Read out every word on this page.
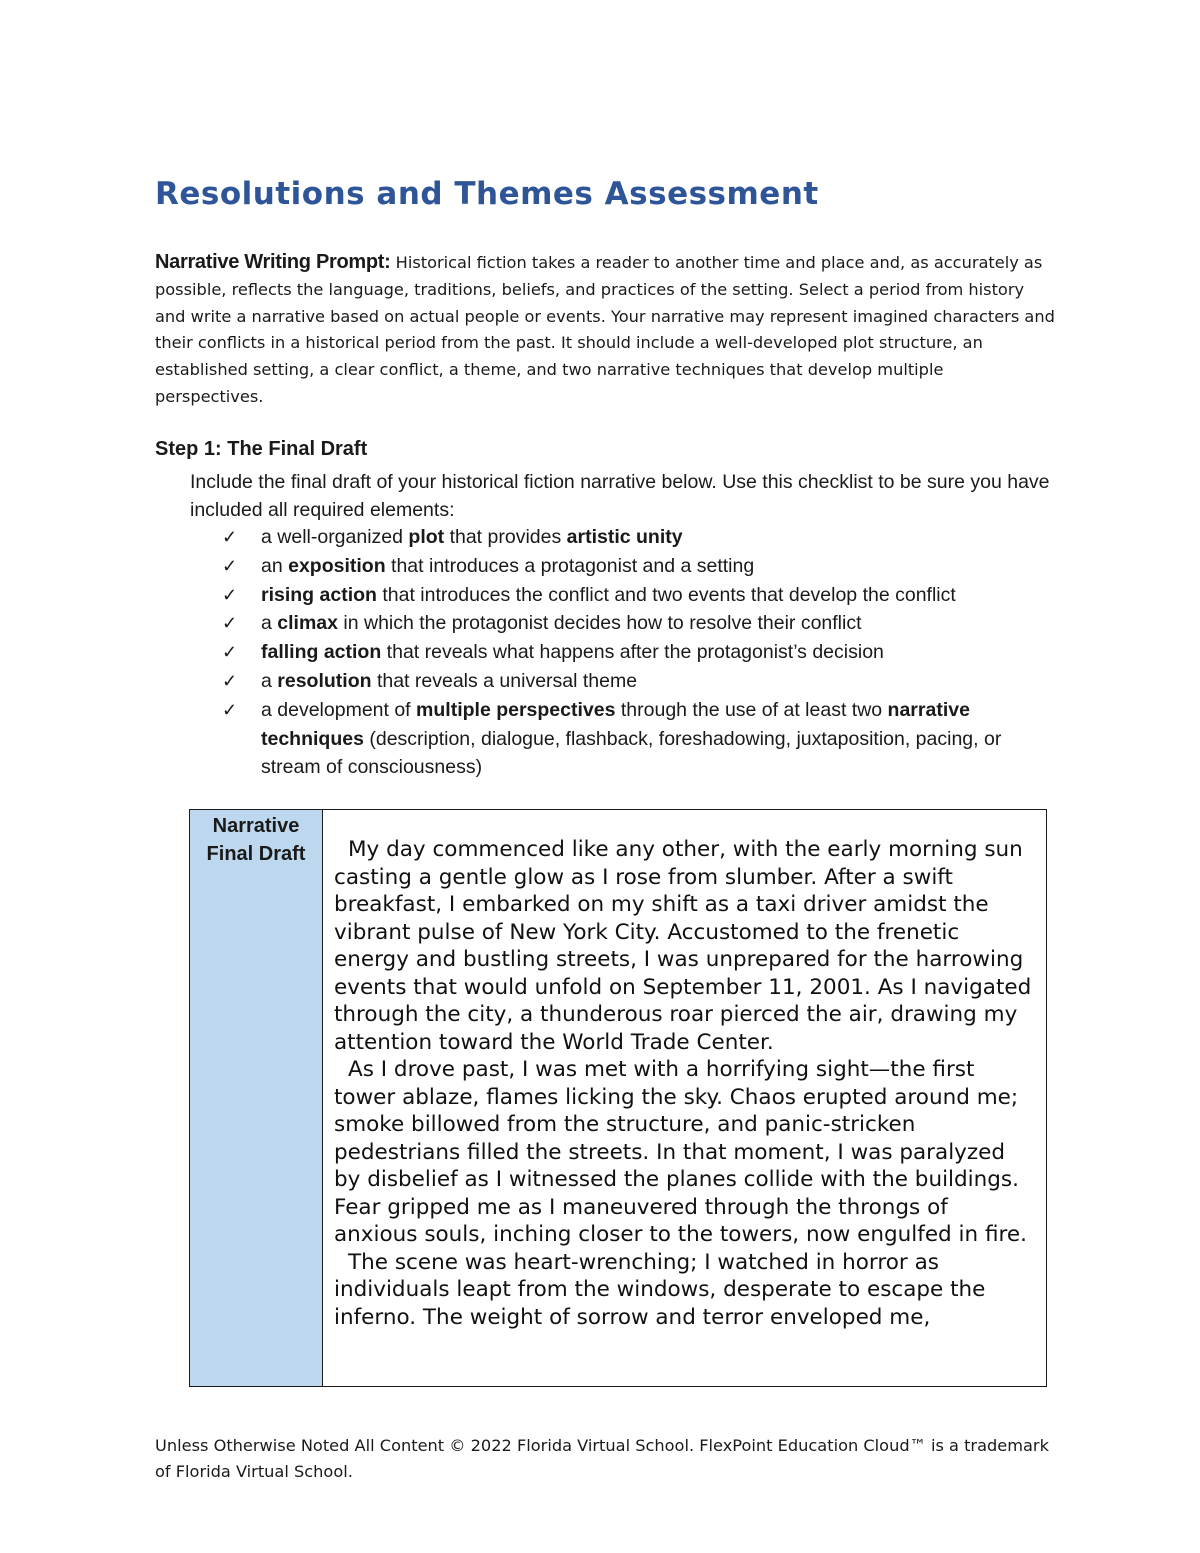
Resolutions and Themes Assessment

Narrative Writing Prompt: Historical fiction takes a reader to another time and place and, as accurately as possible, reflects the language, traditions, beliefs, and practices of the setting. Select a period from history and write a narrative based on actual people or events. Your narrative may represent imagined characters and their conflicts in a historical period from the past. It should include a well-developed plot structure, an established setting, a clear conflict, a theme, and two narrative techniques that develop multiple perspectives.

Step 1: The Final Draft

Include the final draft of your historical fiction narrative below. Use this checklist to be sure you have included all required elements:

✓ a well-organized plot that provides artistic unity
✓ an exposition that introduces a protagonist and a setting
✓ rising action that introduces the conflict and two events that develop the conflict
✓ a climax in which the protagonist decides how to resolve their conflict
✓ falling action that reveals what happens after the protagonist’s decision
✓ a resolution that reveals a universal theme
✓ a development of multiple perspectives through the use of at least two narrative techniques (description, dialogue, flashback, foreshadowing, juxtaposition, pacing, or stream of consciousness)
Narrative Final Draft	My day commenced like any other, with the early morning sun casting a gentle glow as I rose from slumber. After a swift breakfast, I embarked on my shift as a taxi driver amidst the vibrant pulse of New York City. Accustomed to the frenetic energy and bustling streets, I was unprepared for the harrowing events that would unfold on September 11, 2001. As I navigated through the city, a thunderous roar pierced the air, drawing my attention toward the World Trade Center.

As I drove past, I was met with a horrifying sight—the first tower ablaze, flames licking the sky. Chaos erupted around me; smoke billowed from the structure, and panic-stricken pedestrians filled the streets. In that moment, I was paralyzed by disbelief as I witnessed the planes collide with the buildings. Fear gripped me as I maneuvered through the throngs of anxious souls, inching closer to the towers, now engulfed in fire.

The scene was heart-wrenching; I watched in horror as individuals leapt from the windows, desperate to escape the inferno. The weight of sorrow and terror enveloped me,

Unless Otherwise Noted All Content © 2022 Florida Virtual School. FlexPoint Education Cloud™ is a trademark of Florida Virtual School.
